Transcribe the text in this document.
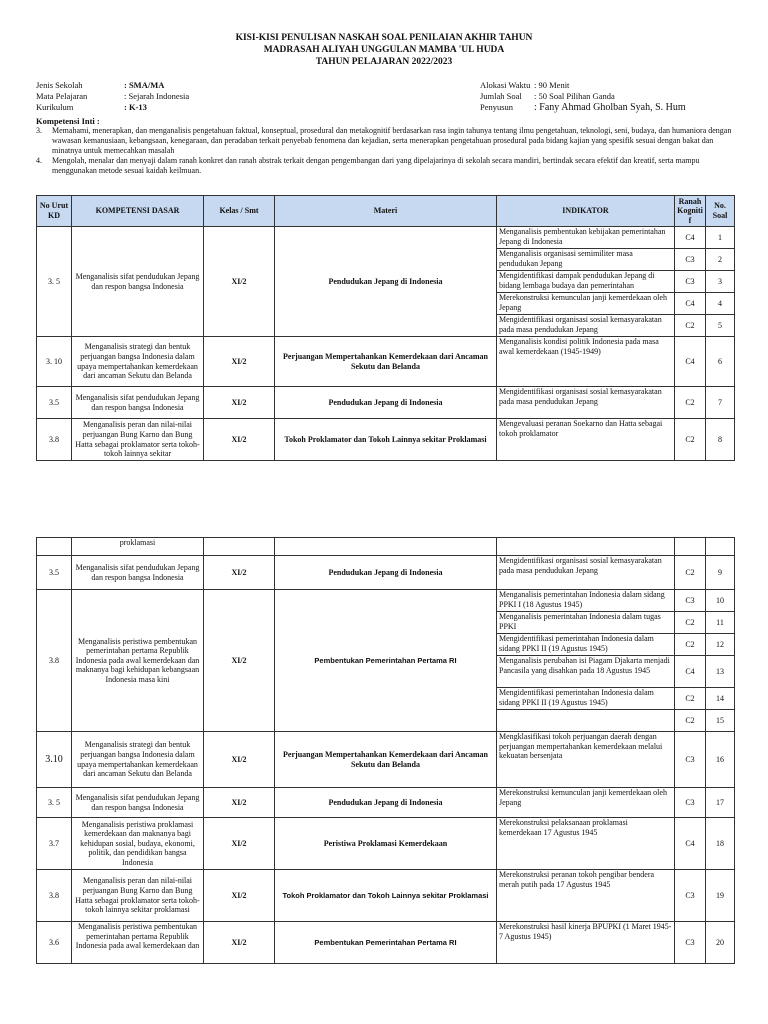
KISI-KISI PENULISAN NASKAH SOAL PENILAIAN AKHIR TAHUN
MADRASAH ALIYAH UNGGULAN MAMBA 'UL HUDA
TAHUN PELAJARAN 2022/2023
Jenis Sekolah	: SMA/MA
Mata Pelajaran	: Sejarah Indonesia
Kurikulum	: K-13
Alokasi Waktu : 90 Menit
Jumlah Soal : 50 Soal Pilihan Ganda
Penyusun : Fany Ahmad Gholban Syah, S. Hum
Kompetensi Inti :
3. Memahami, menerapkan, dan menganalisis pengetahuan faktual, konseptual, prosedural dan metakognitif berdasarkan rasa ingin tahunya tentang ilmu pengetahuan, teknologi, seni, budaya, dan humaniora dengan wawasan kemanusiaan, kebangsaan, kenegaraan, dan peradaban terkait penyebab fenomena dan kejadian, serta menerapkan pengetahuan prosedural pada bidang kajian yang spesifik sesuai dengan bakat dan minatnya untuk memecahkan masalah
4. Mengolah, menalar dan menyaji dalam ranah konkret dan ranah abstrak terkait dengan pengembangan dari yang dipelajarinya di sekolah secara mandiri, bertindak secara efektif dan kreatif, serta mampu menggunakan metode sesuai kaidah keilmuan.
No Urut KD	KOMPETENSI DASAR	Kelas / Smt	Materi	INDIKATOR	Ranah Kognitif	No. Soal
3. 5	Menganalisis sifat pendudukan Jepang dan respon bangsa Indonesia	XI/2	Pendudukan Jepang di Indonesia	Menganalisis pembentukan kebijakan pemerintahan Jepang di Indonesia	C4	1
				Menganalisis organisasi semimiliter masa pendudukan Jepang	C3	2
				Mengidentifikasi dampak pendudukan Jepang di bidang lembaga budaya dan pemerintahan	C3	3
				Merekonstruksi kemunculan janji kemerdekaan oleh Jepang	C4	4
				Mengidentifikasi organisasi sosial kemasyarakatan pada masa pendudukan Jepang	C2	5
3. 10	Menganalisis strategi dan bentuk perjuangan bangsa Indonesia dalam upaya mempertahankan kemerdekaan dari ancaman Sekutu dan Belanda	XI/2	Perjuangan Mempertahankan Kemerdekaan dari Ancaman Sekutu dan Belanda	Menganalisis kondisi politik Indonesia pada masa awal kemerdekaan (1945-1949)	C4	6
3.5	Menganalisis sifat pendudukan Jepang dan respon bangsa Indonesia	XI/2	Pendudukan Jepang di Indonesia	Mengidentifikasi organisasi sosial kemasyarakatan pada masa pendudukan Jepang	C2	7
3.8	Menganalisis peran dan nilai-nilai perjuangan Bung Karno dan Bung Hatta sebagai proklamator serta tokoh-tokoh lainnya sekitar	XI/2	Tokoh Proklamator dan Tokoh Lainnya sekitar Proklamasi	Mengevaluasi peranan Soekarno dan Hatta sebagai tokoh proklamator	C2	8
	proklamasi					
3.5	Menganalisis sifat pendudukan Jepang dan respon bangsa Indonesia	XI/2	Pendudukan Jepang di Indonesia	Mengidentifikasi organisasi sosial kemasyarakatan pada masa pendudukan Jepang	C2	9
3.8	Menganalisis peristiwa pembentukan pemerintahan pertama Republik Indonesia pada awal kemerdekaan dan maknanya bagi kehidupan kebangsaan Indonesia masa kini	XI/2	Pembentukan Pemerintahan Pertama RI	Menganalisis pemerintahan Indonesia dalam sidang PPKI I (18 Agustus 1945)	C3	10
				Menganalisis pemerintahan Indonesia dalam tugas PPKI	C2	11
				Mengidentifikasi pemerintahan Indonesia dalam sidang PPKI II (19 Agustus 1945)	C2	12
				Menganalisis perubahan isi Piagam Djakarta menjadi Pancasila yang disahkan pada 18 Agustus 1945	C4	13
				Mengidentifikasi pemerintahan Indonesia dalam sidang PPKI II (19 Agustus 1945)	C2	14
					C2	15
3.10	Menganalisis strategi dan bentuk perjuangan bangsa Indonesia dalam upaya mempertahankan kemerdekaan dari ancaman Sekutu dan Belanda	XI/2	Perjuangan Mempertahankan Kemerdekaan dari Ancaman Sekutu dan Belanda	Mengklasifikasi tokoh perjuangan daerah dengan perjuangan mempertahankan kemerdekaan melalui kekuatan bersenjata	C3	16
3. 5	Menganalisis sifat pendudukan Jepang dan respon bangsa Indonesia	XI/2	Pendudukan Jepang di Indonesia	Merekonstruksi kemunculan janji kemerdekaan oleh Jepang	C3	17
3.7	Menganalisis peristiwa proklamasi kemerdekaan dan maknanya bagi kehidupan sosial, budaya, ekonomi, politik, dan pendidikan bangsa Indonesia	XI/2	Peristiwa Proklamasi Kemerdekaan	Merekonstruksi pelaksanaan proklamasi kemerdekaan 17 Agustus 1945	C4	18
3.8	Menganalisis peran dan nilai-nilai perjuangan Bung Karno dan Bung Hatta sebagai proklamator serta tokoh-tokoh lainnya sekitar proklamasi	XI/2	Tokoh Proklamator dan Tokoh Lainnya sekitar Proklamasi	Merekonstruksi peranan tokoh pengibar bendera merah putih pada 17 Agustus 1945	C3	19
3.6	Menganalisis peristiwa pembentukan pemerintahan pertama Republik Indonesia pada awal kemerdekaan dan	XI/2	Pembentukan Pemerintahan Pertama RI	Merekonstruksi hasil kinerja BPUPKI (1 Maret 1945-7 Agustus 1945)	C3	20
